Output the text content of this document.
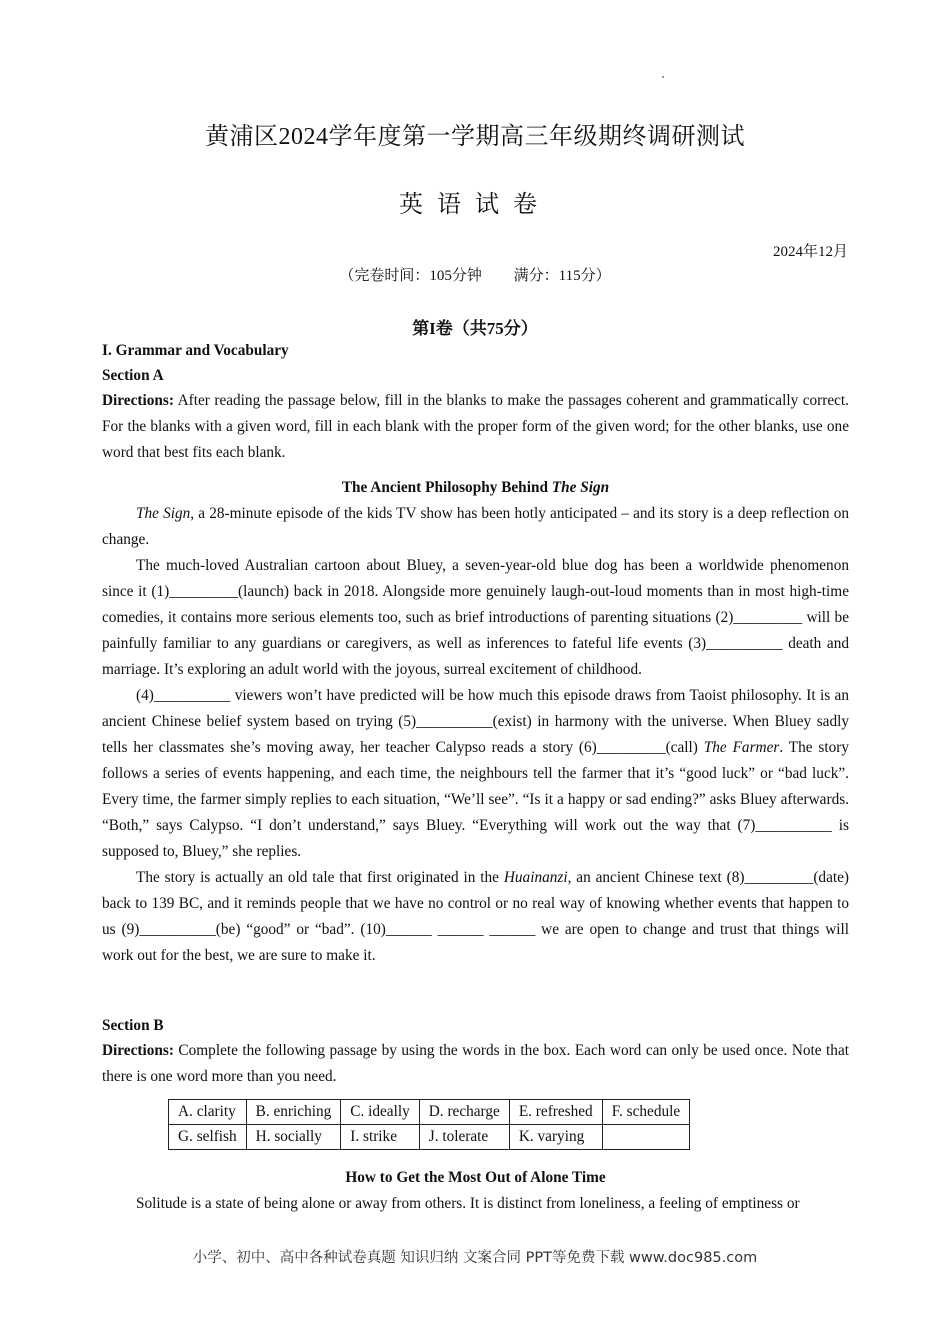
黄浦区2024学年度第一学期高三年级期终调研测试
英语试卷
2024年12月
（完卷时间：105分钟 满分：115分）
第I卷（共75分）
I. Grammar and Vocabulary
Section A

Directions: After reading the passage below, fill in the blanks to make the passages coherent and grammatically correct. For the blanks with a given word, fill in each blank with the proper form of the given word; for the other blanks, use one word that best fits each blank.

The Ancient Philosophy Behind The Sign

The Sign, a 28-minute episode of the kids TV show has been hotly anticipated – and its story is a deep reflection on change.

The much-loved Australian cartoon about Bluey, a seven-year-old blue dog has been a worldwide phenomenon since it (1)_________(launch) back in 2018. Alongside more genuinely laugh-out-loud moments than in most high-time comedies, it contains more serious elements too, such as brief introductions of parenting situations (2)_________ will be painfully familiar to any guardians or caregivers, as well as inferences to fateful life events (3)__________ death and marriage. It’s exploring an adult world with the joyous, surreal excitement of childhood.

(4)__________ viewers won’t have predicted will be how much this episode draws from Taoist philosophy. It is an ancient Chinese belief system based on trying (5)__________(exist) in harmony with the universe. When Bluey sadly tells her classmates she’s moving away, her teacher Calypso reads a story (6)_________(call) The Farmer. The story follows a series of events happening, and each time, the neighbours tell the farmer that it’s “good luck” or “bad luck”. Every time, the farmer simply replies to each situation, “We’ll see”. “Is it a happy or sad ending?” asks Bluey afterwards. “Both,” says Calypso. “I don’t understand,” says Bluey. “Everything will work out the way that (7)__________ is supposed to, Bluey,” she replies.

The story is actually an old tale that first originated in the Huainanzi, an ancient Chinese text (8)_________(date) back to 139 BC, and it reminds people that we have no control or no real way of knowing whether events that happen to us (9)__________(be) “good” or “bad”. (10)______ ______ ______ we are open to change and trust that things will work out for the best, we are sure to make it.

Section B

Directions: Complete the following passage by using the words in the box. Each word can only be used once. Note that there is one word more than you need.

A. clarity	B. enriching	C. ideally	D. recharge	E. refreshed	F. schedule
G. selfish	H. socially	I. strike	J. tolerate	K. varying	
How to Get the Most Out of Alone Time

Solitude is a state of being alone or away from others. It is distinct from loneliness, a feeling of emptiness or

小学、初中、高中各种试卷真题 知识归纳 文案合同 PPT等免费下载 www.doc985.com
